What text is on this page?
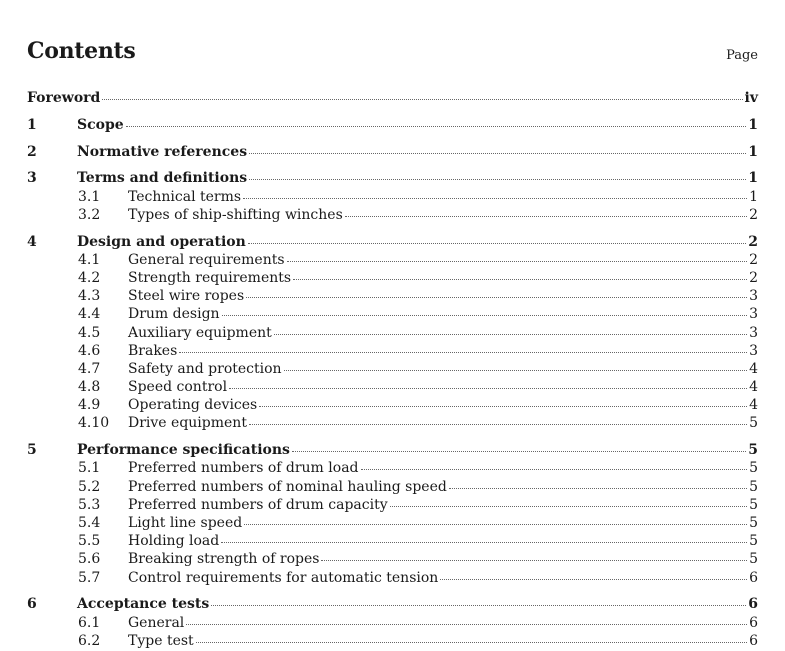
Contents	Page
Foreword	iv
1	Scope	1
2	Normative references	1
3	Terms and definitions	1
3.1	Technical terms	1
3.2	Types of ship-shifting winches	2
4	Design and operation	2
4.1	General requirements	2
4.2	Strength requirements	2
4.3	Steel wire ropes	3
4.4	Drum design	3
4.5	Auxiliary equipment	3
4.6	Brakes	3
4.7	Safety and protection	4
4.8	Speed control	4
4.9	Operating devices	4
4.10	Drive equipment	5
5	Performance specifications	5
5.1	Preferred numbers of drum load	5
5.2	Preferred numbers of nominal hauling speed	5
5.3	Preferred numbers of drum capacity	5
5.4	Light line speed	5
5.5	Holding load	5
5.6	Breaking strength of ropes	5
5.7	Control requirements for automatic tension	6
6	Acceptance tests	6
6.1	General	6
6.2	Type test	6
